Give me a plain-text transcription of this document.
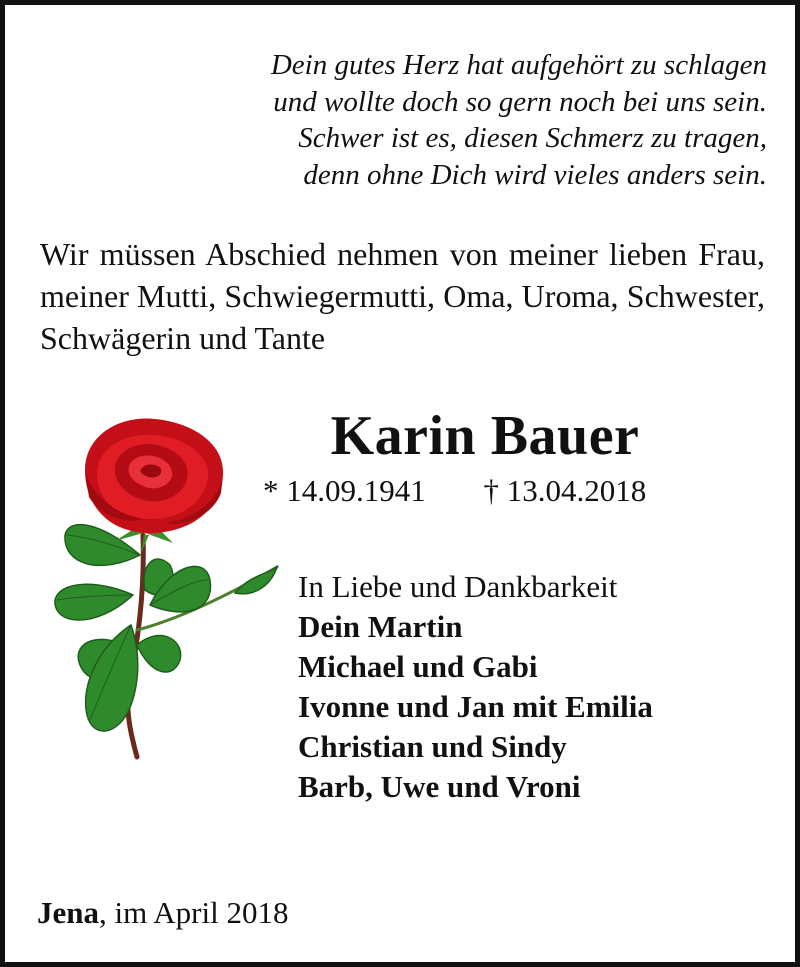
Dein gutes Herz hat aufgehört zu schlagen
und wollte doch so gern noch bei uns sein.
Schwer ist es, diesen Schmerz zu tragen,
denn ohne Dich wird vieles anders sein.
Wir müssen Abschied nehmen von meiner lieben Frau, meiner Mutti, Schwiegermutti, Oma, Uroma, Schwester, Schwägerin und Tante
Karin Bauer
* 14.09.1941 † 13.04.2018
In Liebe und Dankbarkeit
Dein Martin
Michael und Gabi
Ivonne und Jan mit Emilia
Christian und Sindy
Barb, Uwe und Vroni
Jena, im April 2018
